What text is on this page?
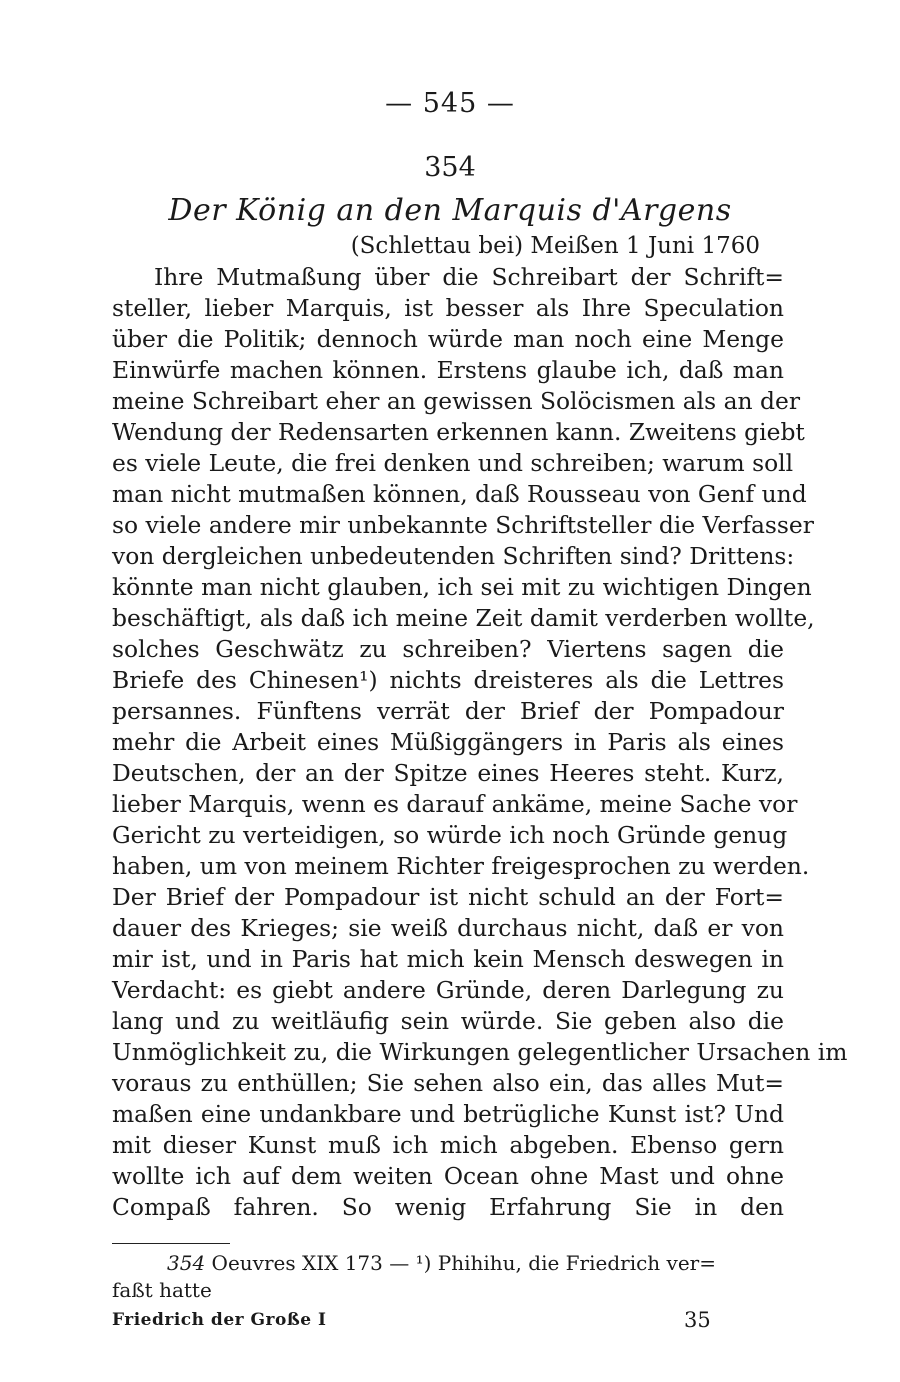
— 545 —
354
Der König an den Marquis d'Argens
(Schlettau bei) Meißen 1 Juni 1760
Ihre Mutmaßung über die Schreibart der Schrift=
steller, lieber Marquis, ist besser als Ihre Speculation
über die Politik; dennoch würde man noch eine Menge
Einwürfe machen können. Erstens glaube ich, daß man
meine Schreibart eher an gewissen Solöcismen als an der
Wendung der Redensarten erkennen kann. Zweitens giebt
es viele Leute, die frei denken und schreiben; warum soll
man nicht mutmaßen können, daß Rousseau von Genf und
so viele andere mir unbekannte Schriftsteller die Verfasser
von dergleichen unbedeutenden Schriften sind? Drittens:
könnte man nicht glauben, ich sei mit zu wichtigen Dingen
beschäftigt, als daß ich meine Zeit damit verderben wollte,
solches Geschwätz zu schreiben? Viertens sagen die
Briefe des Chinesen¹) nichts dreisteres als die Lettres
persannes. Fünftens verrät der Brief der Pompadour
mehr die Arbeit eines Müßiggängers in Paris als eines
Deutschen, der an der Spitze eines Heeres steht. Kurz,
lieber Marquis, wenn es darauf ankäme, meine Sache vor
Gericht zu verteidigen, so würde ich noch Gründe genug
haben, um von meinem Richter freigesprochen zu werden.
Der Brief der Pompadour ist nicht schuld an der Fort=
dauer des Krieges; sie weiß durchaus nicht, daß er von
mir ist, und in Paris hat mich kein Mensch deswegen in
Verdacht: es giebt andere Gründe, deren Darlegung zu
lang und zu weitläufig sein würde. Sie geben also die
Unmöglichkeit zu, die Wirkungen gelegentlicher Ursachen im
voraus zu enthüllen; Sie sehen also ein, das alles Mut=
maßen eine undankbare und betrügliche Kunst ist? Und
mit dieser Kunst muß ich mich abgeben. Ebenso gern
wollte ich auf dem weiten Ocean ohne Mast und ohne
Compaß fahren. So wenig Erfahrung Sie in den
354 Oeuvres XIX 173 — ¹) Phihihu, die Friedrich ver=
faßt hatte
Friedrich der Große I	35
